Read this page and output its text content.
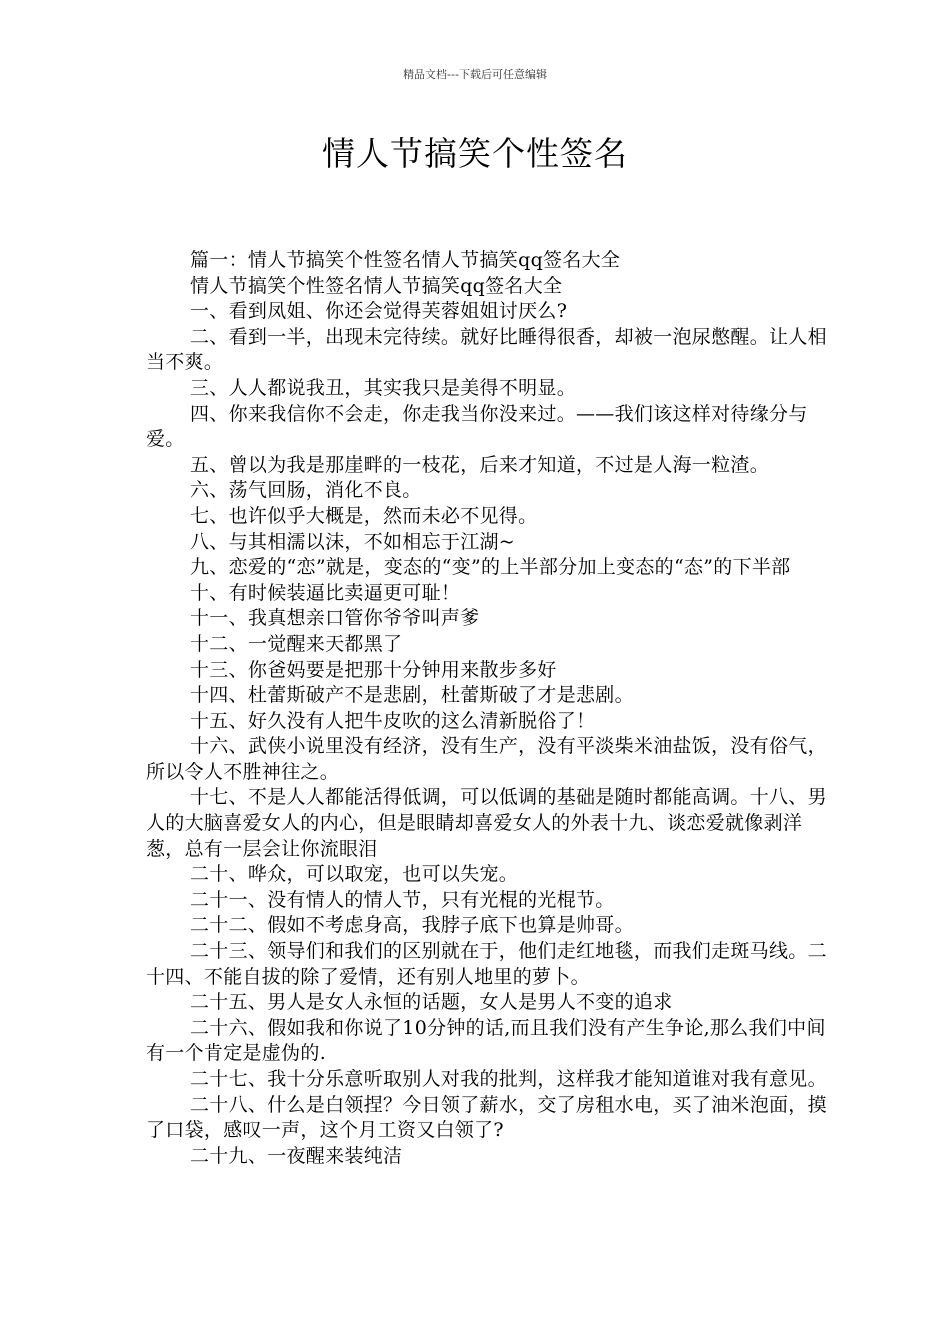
精品文档---下载后可任意编辑
情人节搞笑个性签名

篇一：情人节搞笑个性签名情人节搞笑qq签名大全

情人节搞笑个性签名情人节搞笑qq签名大全

一、看到凤姐、你还会觉得芙蓉姐姐讨厌么?

二、看到一半，出现未完待续。就好比睡得很香，却被一泡尿憋醒。让人相当不爽。

三、人人都说我丑，其实我只是美得不明显。

四、你来我信你不会走，你走我当你没来过。——我们该这样对待缘分与爱。

五、曾以为我是那崖畔的一枝花，后来才知道，不过是人海一粒渣。

六、荡气回肠，消化不良。

七、也许似乎大概是，然而未必不见得。

八、与其相濡以沫，不如相忘于江湖~

九、恋爱的“恋”就是，变态的“变”的上半部分加上变态的“态”的下半部

十、有时候装逼比卖逼更可耻！

十一、我真想亲口管你爷爷叫声爹

十二、一觉醒来天都黑了

十三、你爸妈要是把那十分钟用来散步多好

十四、杜蕾斯破产不是悲剧，杜蕾斯破了才是悲剧。

十五、好久没有人把牛皮吹的这么清新脱俗了！

十六、武侠小说里没有经济，没有生产，没有平淡柴米油盐饭，没有俗气，所以令人不胜神往之。

十七、不是人人都能活得低调，可以低调的基础是随时都能高调。十八、男人的大脑喜爱女人的内心，但是眼睛却喜爱女人的外表十九、谈恋爱就像剥洋葱，总有一层会让你流眼泪

二十、哗众，可以取宠，也可以失宠。

二十一、没有情人的情人节，只有光棍的光棍节。

二十二、假如不考虑身高，我脖子底下也算是帅哥。

二十三、领导们和我们的区别就在于，他们走红地毯，而我们走斑马线。二十四、不能自拔的除了爱情，还有别人地里的萝卜。

二十五、男人是女人永恒的话题，女人是男人不变的追求

二十六、假如我和你说了10分钟的话,而且我们没有产生争论,那么我们中间有一个肯定是虚伪的.

二十七、我十分乐意听取别人对我的批判，这样我才能知道谁对我有意见。

二十八、什么是白领捏？今日领了薪水，交了房租水电，买了油米泡面，摸了口袋，感叹一声，这个月工资又白领了?

二十九、一夜醒来装纯洁
